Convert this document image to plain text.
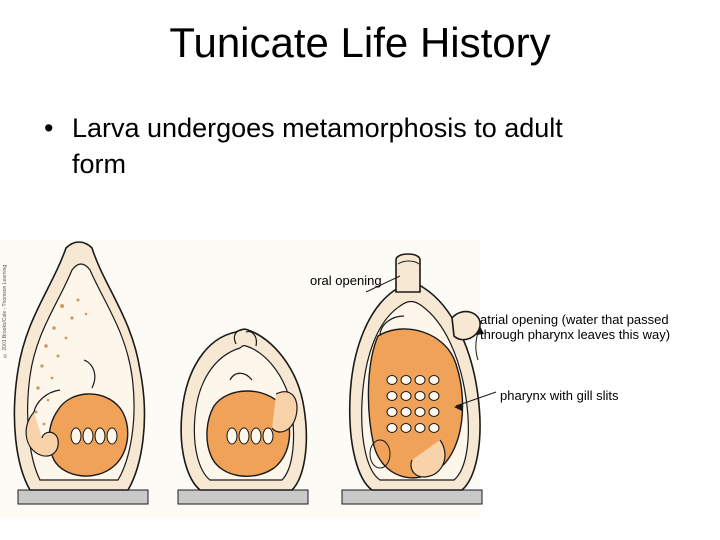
Tunicate Life History
• Larva undergoes metamorphosis to adult form
© 2001 Brooks/Cole - Thomson Learning	oral opening
atrial opening (water that passed through pharynx leaves this way)
pharynx with gill slits
